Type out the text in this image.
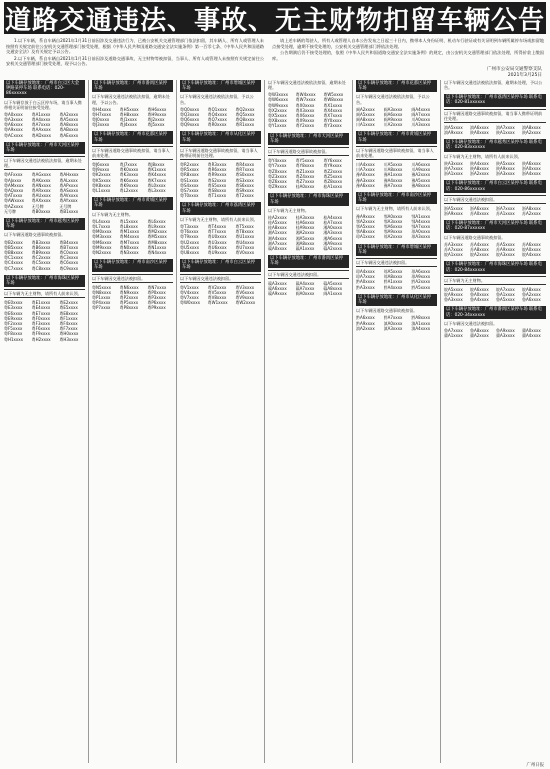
道路交通违法、事故、无主财物扣留车辆公告

1.以下车辆，系自车辆自2021年1月31日前因涉及交通违法行为、已被公安机关交通管理部门依法扣留，其车辆人、所有人或管理人未按照有关规定前往公安机关交通管理部门接受处理，根据《中华人民共和国道路交通安全法实施条例》第一百零七条、《中华人民共和国道路交通安全法》及有关规定予以公告。

2.以下车辆，系自车辆自2021年1月31日前因涉及道路交通事故、无主财物等被扣留，当事人、所有人或管理人未按照有关规定前往公安机关交通管理部门接受处理，现予以公告。

请上述车辆的驾驶人、所有人或管理人自本公告发布之日起三十日内，携带本人身份证明、机动车行驶证或有关证明到车辆所属停车场或扣留地点接受处理，逾期不接受处理的，公安机关交通管理部门将依法处理。

公告期满后仍不接受处理的，依照《中华人民共和国道路交通安全法实施条例》的规定，由公安机关交通管理部门依法处理，所得价款上缴国库。

广州市公安局交通警察支队
2021年3月25日
以下车辆存放地址：广州市白云区大金钟路某停车场 联系电话：020-86xxxxxx
以下车辆存放于白云区停车场，请当事人携带相关证明前往接受处理。
粤A0xxxx	粤A1xxxx	粤A2xxxx
粤A3xxxx	粤A4xxxx	粤A5xxxx
粤A6xxxx	粤A7xxxx	粤A8xxxx
粤A9xxxx	粤AAxxxx	粤ABxxxx
粤ACxxxx	粤ADxxxx	粤AExxxx
以下车辆存放地址：广州市天河区某停车场
以下车辆因交通违法被依法扣留，逾期未处理。
粤AFxxxx	粤AGxxxx	粤AHxxxx
粤AJxxxx	粤AKxxxx	粤ALxxxx
粤AMxxxx	粤ANxxxx	粤APxxxx
粤AQxxxx	粤ARxxxx	粤ASxxxx
粤ATxxxx	粤AUxxxx	粤AVxxxx
粤AWxxxx	粤AXxxxx	粤AYxxxx
粤AZxxxx	无号牌	无号牌
无号牌	粤B0xxxx	粤B1xxxx
以下车辆存放地址：广州市越秀区某停车场
以下车辆因道路交通事故被扣留。
粤B2xxxx	粤B3xxxx	粤B4xxxx
粤B5xxxx	粤B6xxxx	粤B7xxxx
粤B8xxxx	粤B9xxxx	粤C0xxxx
粤C1xxxx	粤C2xxxx	粤C3xxxx
粤C4xxxx	粤C5xxxx	粤C6xxxx
粤C7xxxx	粤C8xxxx	粤C9xxxx
以下车辆存放地址：广州市海珠区某停车场
以下车辆为无主财物，请所有人前来认领。
粤E0xxxx	粤E1xxxx	粤E2xxxx
粤E3xxxx	粤E4xxxx	粤E5xxxx
粤E6xxxx	粤E7xxxx	粤E8xxxx
粤E9xxxx	粤F0xxxx	粤F1xxxx
粤F2xxxx	粤F3xxxx	粤F4xxxx
粤F5xxxx	粤F6xxxx	粤F7xxxx
粤F8xxxx	粤F9xxxx	粤H0xxxx
粤H1xxxx	粤H2xxxx	粤H3xxxx
以下车辆存放地址：广州市番禺区某停车场
以下车辆因交通违法被依法扣留，逾期未处理，予以公告。
粤H4xxxx	粤H5xxxx	粤H6xxxx
粤H7xxxx	粤H8xxxx	粤H9xxxx
粤J0xxxx	粤J1xxxx	粤J2xxxx
粤J3xxxx	粤J4xxxx	粤J5xxxx
以下车辆存放地址：广州市花都区某停车场
以下车辆因道路交通事故被扣留，请当事人前来处理。
粤J6xxxx	粤J7xxxx	粤J8xxxx
粤J9xxxx	粤K0xxxx	粤K1xxxx
粤K2xxxx	粤K3xxxx	粤K4xxxx
粤K5xxxx	粤K6xxxx	粤K7xxxx
粤K8xxxx	粤K9xxxx	粤L0xxxx
粤L1xxxx	粤L2xxxx	粤L3xxxx
以下车辆存放地址：广州市黄埔区某停车场
以下车辆为无主财物。
粤L4xxxx	粤L5xxxx	粤L6xxxx
粤L7xxxx	粤L8xxxx	粤L9xxxx
粤M0xxxx	粤M1xxxx	粤M2xxxx
粤M3xxxx	粤M4xxxx	粤M5xxxx
粤M6xxxx	粤M7xxxx	粤M8xxxx
粤M9xxxx	粤N0xxxx	粤N1xxxx
粤N2xxxx	粤N3xxxx	粤N4xxxx
以下车辆存放地址：广州市南沙区某停车场
以下车辆因交通违法被扣留。
粤N5xxxx	粤N6xxxx	粤N7xxxx
粤N8xxxx	粤N9xxxx	粤P0xxxx
粤P1xxxx	粤P2xxxx	粤P3xxxx
粤P4xxxx	粤P5xxxx	粤P6xxxx
粤P7xxxx	粤P8xxxx	粤P9xxxx
以下车辆存放地址：广州市增城区某停车场
以下车辆因交通违法被依法扣留，予以公告。
粤Q0xxxx	粤Q1xxxx	粤Q2xxxx
粤Q3xxxx	粤Q4xxxx	粤Q5xxxx
粤Q6xxxx	粤Q7xxxx	粤Q8xxxx
粤Q9xxxx	粤R0xxxx	粤R1xxxx
以下车辆存放地址：广州市从化区某停车场
以下车辆因道路交通事故被扣留，请当事人携带证明前往处理。
粤R2xxxx	粤R3xxxx	粤R4xxxx
粤R5xxxx	粤R6xxxx	粤R7xxxx
粤R8xxxx	粤R9xxxx	粤S0xxxx
粤S1xxxx	粤S2xxxx	粤S3xxxx
粤S4xxxx	粤S5xxxx	粤S6xxxx
粤S7xxxx	粤S8xxxx	粤S9xxxx
粤T0xxxx	粤T1xxxx	粤T2xxxx
以下车辆存放地址：广州市荔湾区某停车场
以下车辆为无主财物，请所有人前来认领。
粤T3xxxx	粤T4xxxx	粤T5xxxx
粤T6xxxx	粤T7xxxx	粤T8xxxx
粤T9xxxx	粤U0xxxx	粤U1xxxx
粤U2xxxx	粤U3xxxx	粤U4xxxx
粤U5xxxx	粤U6xxxx	粤U7xxxx
粤U8xxxx	粤U9xxxx	粤V0xxxx
以下车辆存放地址：广州市白云区某停车场
以下车辆因交通违法被扣留。
粤V1xxxx	粤V2xxxx	粤V3xxxx
粤V4xxxx	粤V5xxxx	粤V6xxxx
粤V7xxxx	粤V8xxxx	粤V9xxxx
粤W0xxxx	粤W1xxxx	粤W2xxxx
以下车辆因交通违法被依法扣留，逾期未处理。
粤W3xxxx	粤W4xxxx	粤W5xxxx
粤W6xxxx	粤W7xxxx	粤W8xxxx
粤W9xxxx	粤X0xxxx	粤X1xxxx
粤X2xxxx	粤X3xxxx	粤X4xxxx
粤X5xxxx	粤X6xxxx	粤X7xxxx
粤X8xxxx	粤X9xxxx	粤Y0xxxx
粤Y1xxxx	粤Y2xxxx	粤Y3xxxx
以下车辆存放地址：广州市天河区某停车场
以下车辆因道路交通事故被扣留。
粤Y4xxxx	粤Y5xxxx	粤Y6xxxx
粤Y7xxxx	粤Y8xxxx	粤Y9xxxx
粤Z0xxxx	粤Z1xxxx	粤Z2xxxx
粤Z3xxxx	粤Z4xxxx	粤Z5xxxx
粤Z6xxxx	粤Z7xxxx	粤Z8xxxx
粤Z9xxxx	桂A0xxxx	桂A1xxxx
以下车辆存放地址：广州市海珠区某停车场
以下车辆为无主财物。
桂A2xxxx	桂A3xxxx	桂A4xxxx
桂A5xxxx	桂A6xxxx	桂A7xxxx
桂A8xxxx	桂A9xxxx	湘A0xxxx
湘A1xxxx	湘A2xxxx	湘A3xxxx
湘A4xxxx	湘A5xxxx	湘A6xxxx
湘A7xxxx	湘A8xxxx	湘A9xxxx
赣A0xxxx	赣A1xxxx	赣A2xxxx
以下车辆存放地址：广州市番禺区某停车场
以下车辆因交通违法被扣留。
赣A3xxxx	赣A4xxxx	赣A5xxxx
赣A6xxxx	赣A7xxxx	赣A8xxxx
赣A9xxxx	闽A0xxxx	闽A1xxxx
以下车辆存放地址：广州市花都区某停车场
以下车辆因交通违法被依法扣留，予以公告。
闽A2xxxx	闽A3xxxx	闽A4xxxx
闽A5xxxx	闽A6xxxx	闽A7xxxx
闽A8xxxx	闽A9xxxx	川A0xxxx
川A1xxxx	川A2xxxx	川A3xxxx
以下车辆存放地址：广州市黄埔区某停车场
以下车辆因道路交通事故被扣留，请当事人前来处理。
川A4xxxx	川A5xxxx	川A6xxxx
川A7xxxx	川A8xxxx	川A9xxxx
豫A0xxxx	豫A1xxxx	豫A2xxxx
豫A3xxxx	豫A4xxxx	豫A5xxxx
豫A6xxxx	豫A7xxxx	豫A8xxxx
以下车辆存放地址：广州市南沙区某停车场
以下车辆为无主财物，请所有人前来认领。
豫A9xxxx	鄂A0xxxx	鄂A1xxxx
鄂A2xxxx	鄂A3xxxx	鄂A4xxxx
鄂A5xxxx	鄂A6xxxx	鄂A7xxxx
鄂A8xxxx	鄂A9xxxx	琼A0xxxx
琼A1xxxx	琼A2xxxx	琼A3xxxx
以下车辆存放地址：广州市增城区某停车场
以下车辆因交通违法被扣留。
琼A4xxxx	琼A5xxxx	琼A6xxxx
琼A7xxxx	琼A8xxxx	琼A9xxxx
黔A0xxxx	黔A1xxxx	黔A2xxxx
黔A3xxxx	黔A4xxxx	黔A5xxxx
以下车辆存放地址：广州市从化区某停车场
以下车辆因道路交通事故被扣留。
黔A6xxxx	黔A7xxxx	黔A8xxxx
黔A9xxxx	滇A0xxxx	滇A1xxxx
滇A2xxxx	滇A3xxxx	滇A4xxxx
以下车辆因交通违法被依法扣留，逾期未处理，予以公告。
以下车辆存放地址：广州市荔湾区某停车场 联系电话：020-81xxxxxx
以下车辆因道路交通事故被扣留，请当事人携带证明前往处理。
滇A5xxxx	滇A6xxxx	滇A7xxxx	滇A8xxxx
滇A9xxxx	陕A0xxxx	陕A1xxxx	陕A2xxxx
以下车辆存放地址：广州市越秀区某停车场 联系电话：020-83xxxxxx
以下车辆为无主财物，请所有人前来认领。
陕A3xxxx	陕A4xxxx	陕A5xxxx	陕A6xxxx
陕A7xxxx	陕A8xxxx	陕A9xxxx	浙A0xxxx
浙A1xxxx	浙A2xxxx	浙A3xxxx	浙A4xxxx
以下车辆存放地址：广州市白云区某停车场 联系电话：020-86xxxxxx
以下车辆因交通违法被扣留。
浙A5xxxx	浙A6xxxx	浙A7xxxx	浙A8xxxx
浙A9xxxx	苏A0xxxx	苏A1xxxx	苏A2xxxx
以下车辆存放地址：广州市天河区某停车场 联系电话：020-87xxxxxx
以下车辆因道路交通事故被扣留。
苏A3xxxx	苏A4xxxx	苏A5xxxx	苏A6xxxx
苏A7xxxx	苏A8xxxx	苏A9xxxx	皖A0xxxx
皖A1xxxx	皖A2xxxx	皖A3xxxx	皖A4xxxx
以下车辆存放地址：广州市海珠区某停车场 联系电话：020-84xxxxxx
以下车辆为无主财物。
皖A5xxxx	皖A6xxxx	皖A7xxxx	皖A8xxxx
皖A9xxxx	鲁A0xxxx	鲁A1xxxx	鲁A2xxxx
鲁A3xxxx	鲁A4xxxx	鲁A5xxxx	鲁A6xxxx
以下车辆存放地址：广州市番禺区某停车场 联系电话：020-34xxxxxx
以下车辆因交通违法被扣留。
鲁A7xxxx	鲁A8xxxx	鲁A9xxxx	冀A0xxxx
冀A1xxxx	冀A2xxxx	冀A3xxxx	冀A4xxxx
广州日报
